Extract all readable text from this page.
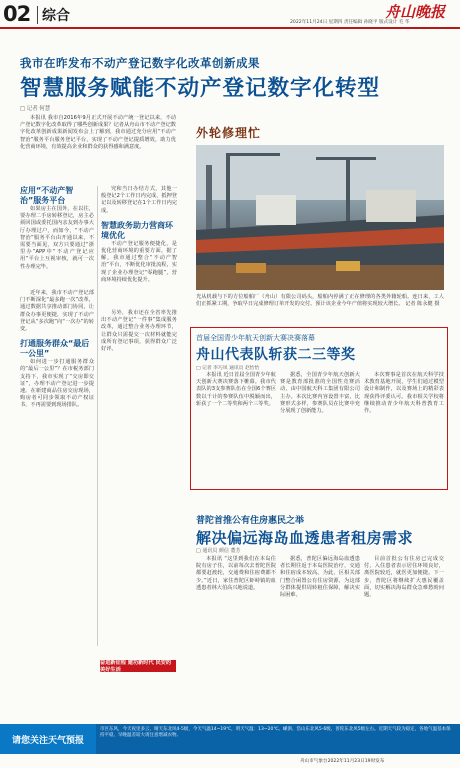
02 综合	舟山晚报
2022年11月24日 星期四 责任编辑 孙晓平 版式设计 毛 华
我市在昨发布不动产登记数字化改革创新成果
智慧服务赋能不动产登记数字化转型
□ 记者 何慧
本报讯 我市自2016年9月正式开展不动产统一登记以来，不动产登记数字化改革取得了哪些创新成果？记者从舟山市不动产登记数字化改革创新成果新闻发布会上了解到，我市通过充分应用“不动产智治”服务平台服务登记平台，实现了不动产登记提质增效，助力优化营商环境，有效提高企业和群众的获得感和满意度。
应用“不动产智治”服务平台
如果房主在国外，在以往，要办理二手房转移登记，房主必须回国或委托国内亲友到办事大厅办理过户，而如今，“不动产智治”服务平台由开通以来，不需要当面见，双方只要通过“浙里办”APP中“不动产登记应用”平台上互视审核，就可一次性办理完毕。
究和当日办结方式，其他一般登记2个工作日内完成，抵押登记以及转移登记在1个工作日内完成。
智慧政务助力营商环境优化
不动产登记服务便捷化，是优化营商环境的重要方面。据了解，我市通过整合“不动产智治”平台，不断优化审批流程，实现了企业办理登记“零跑腿”，营商环境持续优化提升。
近年来，我市不动产登记部门不断深化“最多跑一次”改革，通过数据共享推动部门协同，让群众办事更便捷，实现了不动产登记从“多次跑”向“一次办”的转变。
打通服务群众“最后一公里”
如何进一步打通服务群众的“最后一公里”？在市税务部门支持下，我市实现了“交房即交证”，办理不动产登记进一步提速。在新建商品住房交房现场，购房者可同步领取不动产权证书，不再需要到现场排队。
另外，我市还在全省率先推出不动产登记“一件事”集成服务改革，通过整合业务办理环节，让群众只需提交一次材料就能完成所有登记事项，获得群众广泛好评。
奋进新征程 建功新时代 民安的美好生活
外轮修理忙
光从机载与下的方位船舶厂（舟山）有限公司码头，船舶内停满了正在修理的各类外籍轮船。连日来，工人们正抓紧工期，争取早日完成修理订单开发的交付。预计该企业今年产值将实现较大增长。 记者 陈永健 摄
首届全国青少年航天创新大赛决赛落幕
舟山代表队斩获二三等奖
□ 记者 李巧凤 通讯员 赵怡怡
本报讯 近日首届全国青少年航天创新大赛决赛落下帷幕。我市代表队的3支参赛队伍在全国6个赛区数以千计的参赛队伍中脱颖而出，斩获了一个二等奖和两个三等奖。
据悉，全国青少年航天创新大赛是教育部批准的全国性竞赛活动，由中国航天科工集团有限公司主办。本次比赛内容设置丰富，比赛形式多样，参赛队员在比赛中充分展现了创新能力。
本次赛事是首次在航天科学技术教育基地开展，学生们通过模型设计和制作，以及赛场上的精彩表现获得评委认可。我市相关学校将继续推动青少年航天科普教育工作。
普陀首推公有住房惠民之举
解决偏远海岛血透患者租房需求
□ 通讯员 颜信 董芳
本报讯 “这里到我们在本岛住院有房子住，以前每次去普陀医院都要赶渡轮，交通费和住宿费都不少。”近日，家住普陀区虾峙镇的血透患者林大伯高兴地说道。
据悉，普陀区偏远海岛血透患者长期往返于本岛医院治疗，交通和住宿成本较高。为此，区相关部门整合闲置公有住房资源，为这部分群体提供周转租住保障，解决实际困难。
目前首批公有住房已完成交付，入住患者表示居住环境良好，离医院较近，就医更加便捷。下一步，普陀区将继续扩大惠民覆盖面，切实解决海岛群众急难愁盼问题。
请您关注天气预报
市区东风，今天夜里多云，晴天东北风4-5级，今天气温14~19℃，明天气温：13~20℃。嵊泗、岱山东北风5-6级，普陀东北风5级左右。近期天气较为稳定，各地气温基本保持平稳，早晚温差较大请注意增减衣物。
舟山市气象台2022年11月23日19时发布
